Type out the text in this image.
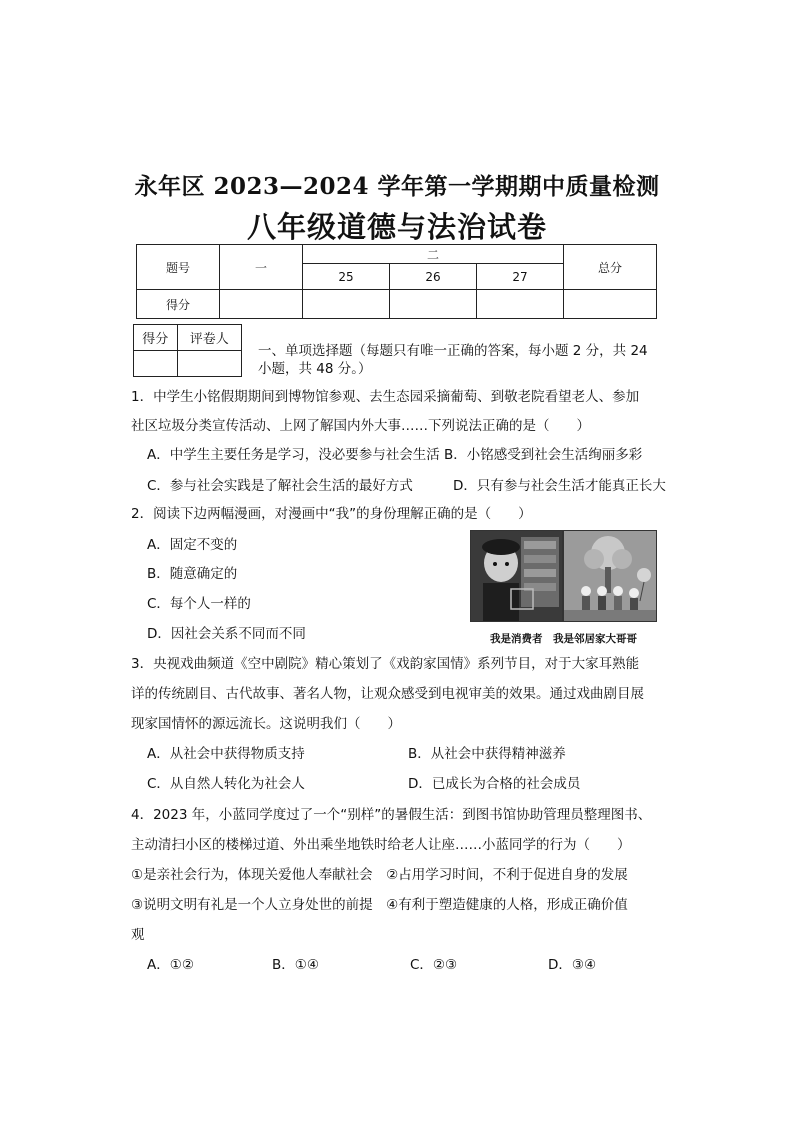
永年区 2023—2024 学年第一学期期中质量检测
八年级道德与法治试卷
题号	一	二			总分
		25	26	27	
得分					
得分	评卷人

一、单项选择题（每题只有唯一正确的答案，每小题 2 分，共 24
小题，共 48 分。）
1．中学生小铭假期期间到博物馆参观、去生态园采摘葡萄、到敬老院看望老人、参加
社区垃圾分类宣传活动、上网了解国内外大事……下列说法正确的是（　　）
A．中学生主要任务是学习，没必要参与社会生活 B．小铭感受到社会生活绚丽多彩
C．参与社会实践是了解社会生活的最好方式	D．只有参与社会生活才能真正长大
2．阅读下边两幅漫画，对漫画中“我”的身份理解正确的是（　　）
A．固定不变的
B．随意确定的
C．每个人一样的
D．因社会关系不同而不同	我是消费者　我是邻居家大哥哥
3．央视戏曲频道《空中剧院》精心策划了《戏韵家国情》系列节目，对于大家耳熟能
详的传统剧目、古代故事、著名人物，让观众感受到电视审美的效果。通过戏曲剧目展
现家国情怀的源远流长。这说明我们（　　）
A．从社会中获得物质支持	B．从社会中获得精神滋养
C．从自然人转化为社会人	D．已成长为合格的社会成员
4．2023 年，小蓝同学度过了一个“别样”的暑假生活：到图书馆协助管理员整理图书、
主动清扫小区的楼梯过道、外出乘坐地铁时给老人让座……小蓝同学的行为（　　）
①是亲社会行为，体现关爱他人奉献社会　②占用学习时间，不利于促进自身的发展
③说明文明有礼是一个人立身处世的前提　④有利于塑造健康的人格，形成正确价值
观
A．①②	B．①④	C．②③	D．③④
